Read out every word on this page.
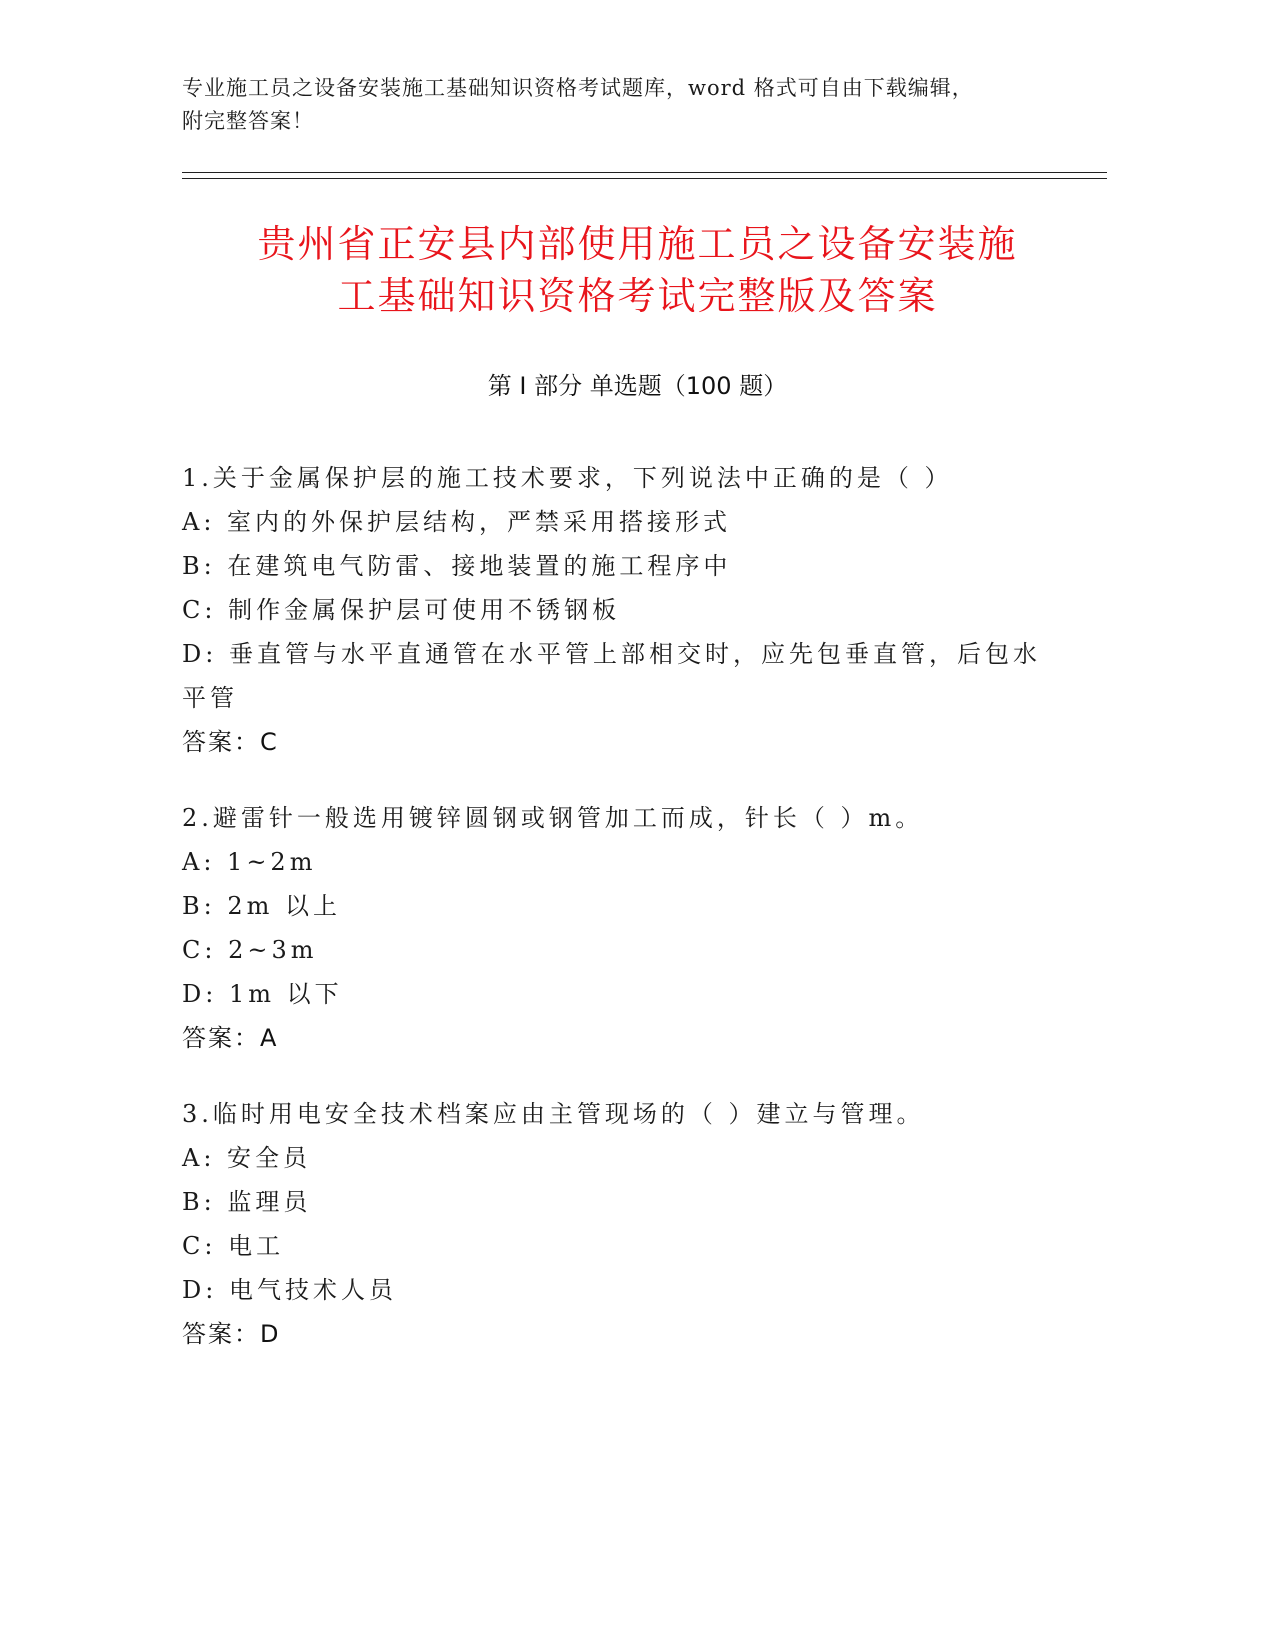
专业施工员之设备安装施工基础知识资格考试题库，word 格式可自由下载编辑，
附完整答案！
贵州省正安县内部使用施工员之设备安装施
工基础知识资格考试完整版及答案
第 I 部分 单选题（100 题）
1.关于金属保护层的施工技术要求，下列说法中正确的是（ ）
A: 室内的外保护层结构，严禁采用搭接形式
B: 在建筑电气防雷、接地装置的施工程序中
C: 制作金属保护层可使用不锈钢板
D: 垂直管与水平直通管在水平管上部相交时，应先包垂直管，后包水平管
答案：C
2.避雷针一般选用镀锌圆钢或钢管加工而成，针长（ ）m。
A: 1~2m
B: 2m 以上
C: 2~3m
D: 1m 以下
答案：A
3.临时用电安全技术档案应由主管现场的（ ）建立与管理。
A: 安全员
B: 监理员
C: 电工
D: 电气技术人员
答案：D
